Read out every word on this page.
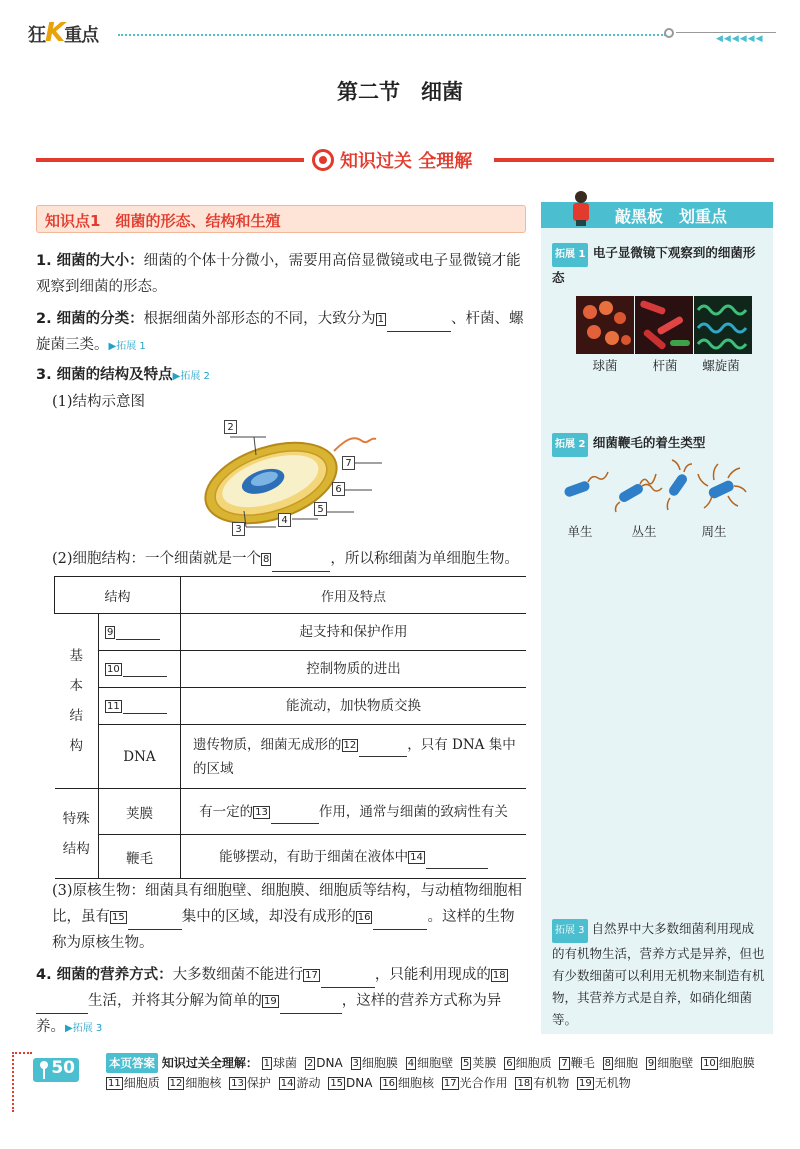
狂K重点	◀◀◀◀◀◀
第二节　细菌
知识过关 全理解
知识点1　细菌的形态、结构和生殖
1. 细菌的大小：细菌的个体十分微小，需要用高倍显微镜或电子显微镜才能观察到细菌的形态。
2. 细菌的分类：根据细菌外部形态的不同，大致分为 1	、杆菌、螺旋菌三类。▶拓展 1
3. 细菌的结构及特点▶拓展 2
(1)结构示意图
2
7
6
5
4
3
(2)细胞结构：一个细菌就是一个 8	，所以称细菌为单细胞生物。
结构		作用及特点
基
本
结
构	9	起支持和保护作用
	10	控制物质的进出
	11	能流动，加快物质交换
	DNA	遗传物质，细菌无成形的 12 ，只有 DNA 集中的区域
特殊
结构	荚膜	有一定的 13 作用，通常与细菌的致病性有关
	鞭毛	能够摆动，有助于细菌在液体中 14
(3)原核生物：细菌具有细胞壁、细胞膜、细胞质等结构，与动植物细胞相比，虽有 15	集中的区域，却没有成形的 16	。这样的生物称为原核生物。
4. 细菌的营养方式：大多数细菌不能进行 17	，只能利用现成的 18生活，并将其分解为简单的 19	，这样的营养方式称为异养。▶拓展 3
敲黑板　划重点
拓展 1 电子显微镜下观察到的细菌形态
球菌	杆菌	螺旋菌
拓展 2 细菌鞭毛的着生类型
单生	丛生	周生
拓展 3 自然界中大多数细菌利用现成的有机物生活，营养方式是异养，但也有少数细菌可以利用无机物来制造有机物，其营养方式是自养，如硝化细菌等。
50	本页答案 知识过关全理解： 1 球菌 2 DNA 3 细胞膜 4 细胞壁 5 荚膜 6 细胞质 7 鞭毛 8 细胞 9 细胞壁 10 细胞膜 11 细胞质 12 细胞核 13 保护 14 游动 15 DNA 16 细胞核 17 光合作用 18 有机物 19 无机物
